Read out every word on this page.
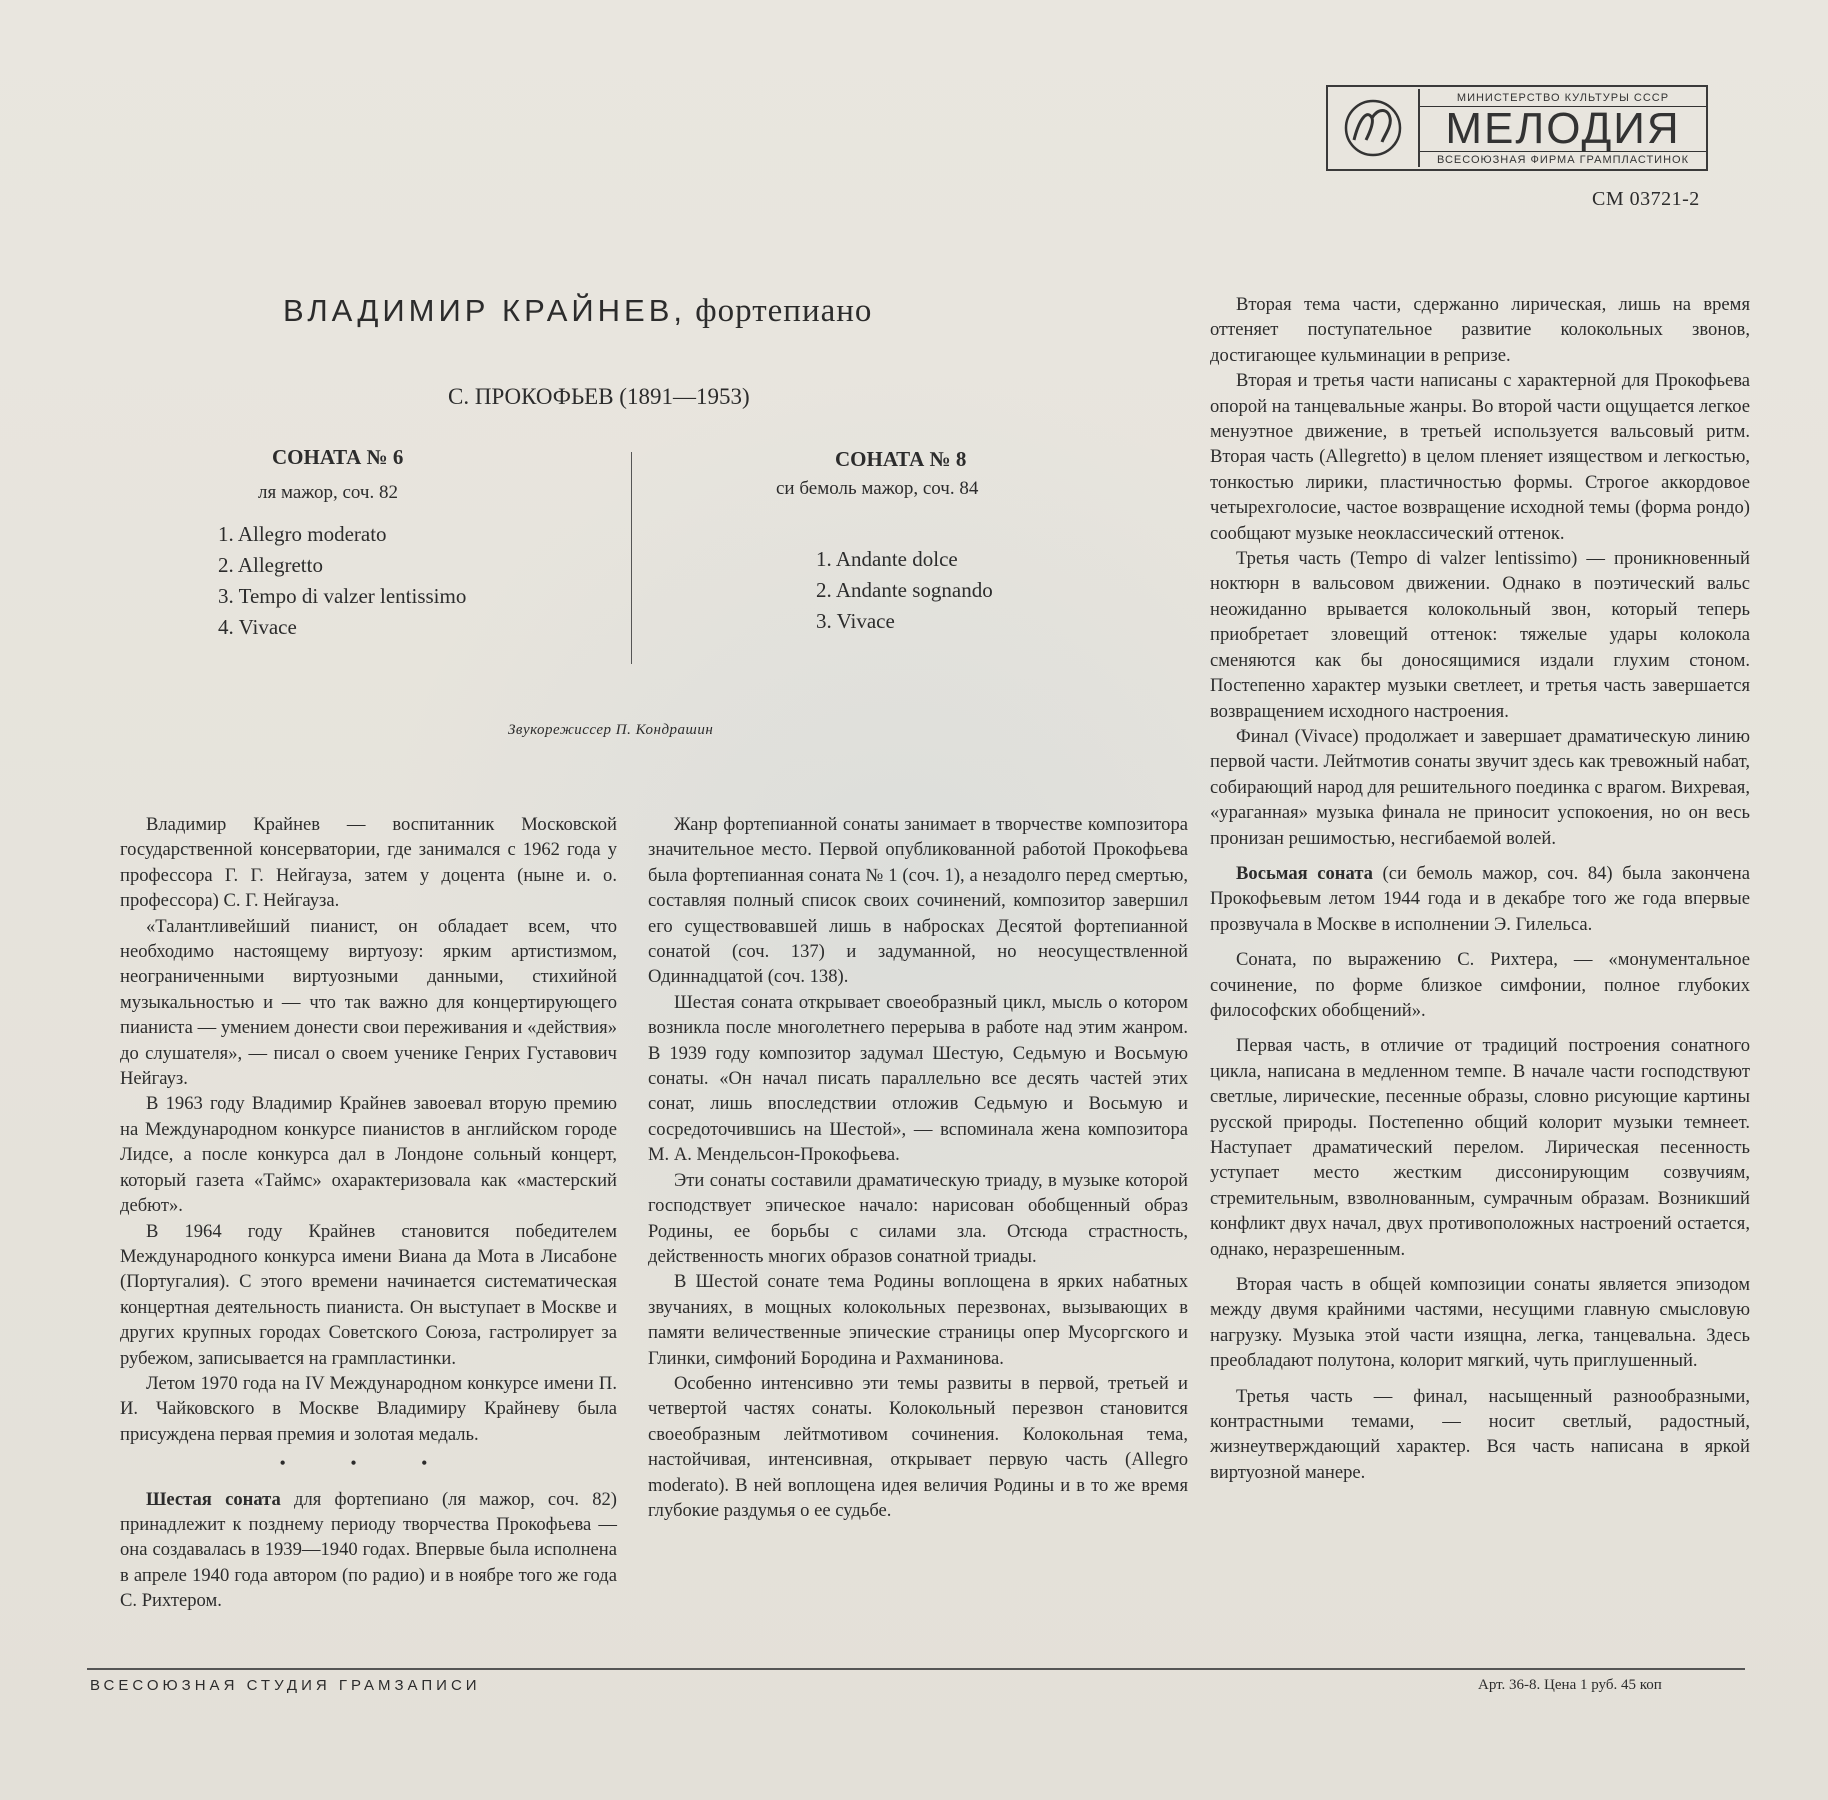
МИНИСТЕРСТВО КУЛЬТУРЫ СССР
МЕЛОДИЯ
ВСЕСОЮЗНАЯ ФИРМА ГРАМПЛАСТИНОК
СМ 03721-2
ВЛАДИМИР КРАЙНЕВ, фортепиано
С. ПРОКОФЬЕВ (1891—1953)
СОНАТА № 6
ля мажор, соч. 82
1. Allegro moderato
2. Allegretto
3. Tempo di valzer lentissimo
4. Vivace
СОНАТА № 8
си бемоль мажор, соч. 84
1. Andante dolce
2. Andante sognando
3. Vivace
Звукорежиссер П. Кондрашин

Владимир Крайнев — воспитанник Московской государственной консерватории, где занимался с 1962 года у профессора Г. Г. Нейгауза, затем у доцента (ныне и. о. профессора) С. Г. Нейгауза.

«Талантливейший пианист, он обладает всем, что необходимо настоящему виртуозу: ярким артистизмом, неограниченными виртуозными данными, стихийной музыкальностью и — что так важно для концертирующего пианиста — умением донести свои переживания и «действия» до слушателя», — писал о своем ученике Генрих Густавович Нейгауз.

В 1963 году Владимир Крайнев завоевал вторую премию на Международном конкурсе пианистов в английском городе Лидсе, а после конкурса дал в Лондоне сольный концерт, который газета «Таймс» охарактеризовала как «мастерский дебют».

В 1964 году Крайнев становится победителем Международного конкурса имени Виана да Мота в Лисабоне (Португалия). С этого времени начинается систематическая концертная деятельность пианиста. Он выступает в Москве и других крупных городах Советского Союза, гастролирует за рубежом, записывается на грампластинки.

Летом 1970 года на IV Международном конкурсе имени П. И. Чайковского в Москве Владимиру Крайневу была присуждена первая премия и золотая медаль.

• • •

Шестая соната для фортепиано (ля мажор, соч. 82) принадлежит к позднему периоду творчества Прокофьева — она создавалась в 1939—1940 годах. Впервые была исполнена в апреле 1940 года автором (по радио) и в ноябре того же года С. Рихтером.

Жанр фортепианной сонаты занимает в творчестве композитора значительное место. Первой опубликованной работой Прокофьева была фортепианная соната № 1 (соч. 1), а незадолго перед смертью, составляя полный список своих сочинений, композитор завершил его существовавшей лишь в набросках Десятой фортепианной сонатой (соч. 137) и задуманной, но неосуществленной Одиннадцатой (соч. 138).

Шестая соната открывает своеобразный цикл, мысль о котором возникла после многолетнего перерыва в работе над этим жанром. В 1939 году композитор задумал Шестую, Седьмую и Восьмую сонаты. «Он начал писать параллельно все десять частей этих сонат, лишь впоследствии отложив Седьмую и Восьмую и сосредоточившись на Шестой», — вспоминала жена композитора М. А. Мендельсон-Прокофьева.

Эти сонаты составили драматическую триаду, в музыке которой господствует эпическое начало: нарисован обобщенный образ Родины, ее борьбы с силами зла. Отсюда страстность, действенность многих образов сонатной триады.

В Шестой сонате тема Родины воплощена в ярких набатных звучаниях, в мощных колокольных перезвонах, вызывающих в памяти величественные эпические страницы опер Мусоргского и Глинки, симфоний Бородина и Рахманинова.

Особенно интенсивно эти темы развиты в первой, третьей и четвертой частях сонаты. Колокольный перезвон становится своеобразным лейтмотивом сочинения. Колокольная тема, настойчивая, интенсивная, открывает первую часть (Allegro moderato). В ней воплощена идея величия Родины и в то же время глубокие раздумья о ее судьбе.

Вторая тема части, сдержанно лирическая, лишь на время оттеняет поступательное развитие колокольных звонов, достигающее кульминации в репризе.

Вторая и третья части написаны с характерной для Прокофьева опорой на танцевальные жанры. Во второй части ощущается легкое менуэтное движение, в третьей используется вальсовый ритм. Вторая часть (Allegretto) в целом пленяет изяществом и легкостью, тонкостью лирики, пластичностью формы. Строгое аккордовое четырехголосие, частое возвращение исходной темы (форма рондо) сообщают музыке неоклассический оттенок.

Третья часть (Tempo di valzer lentissimo) — проникновенный ноктюрн в вальсовом движении. Однако в поэтический вальс неожиданно врывается колокольный звон, который теперь приобретает зловещий оттенок: тяжелые удары колокола сменяются как бы доносящимися издали глухим стоном. Постепенно характер музыки светлеет, и третья часть завершается возвращением исходного настроения.

Финал (Vivace) продолжает и завершает драматическую линию первой части. Лейтмотив сонаты звучит здесь как тревожный набат, собирающий народ для решительного поединка с врагом. Вихревая, «ураганная» музыка финала не приносит успокоения, но он весь пронизан решимостью, несгибаемой волей.

Восьмая соната (си бемоль мажор, соч. 84) была закончена Прокофьевым летом 1944 года и в декабре того же года впервые прозвучала в Москве в исполнении Э. Гилельса.

Соната, по выражению С. Рихтера, — «монументальное сочинение, по форме близкое симфонии, полное глубоких философских обобщений».

Первая часть, в отличие от традиций построения сонатного цикла, написана в медленном темпе. В начале части господствуют светлые, лирические, песенные образы, словно рисующие картины русской природы. Постепенно общий колорит музыки темнеет. Наступает драматический перелом. Лирическая песенность уступает место жестким диссонирующим созвучиям, стремительным, взволнованным, сумрачным образам. Возникший конфликт двух начал, двух противоположных настроений остается, однако, неразрешенным.

Вторая часть в общей композиции сонаты является эпизодом между двумя крайними частями, несущими главную смысловую нагрузку. Музыка этой части изящна, легка, танцевальна. Здесь преобладают полутона, колорит мягкий, чуть приглушенный.

Третья часть — финал, насыщенный разнообразными, контрастными темами, — носит светлый, радостный, жизнеутверждающий характер. Вся часть написана в яркой виртуозной манере.

ВСЕСОЮЗНАЯ СТУДИЯ ГРАМЗАПИСИ	Арт. 36-8. Цена 1 руб. 45 коп
